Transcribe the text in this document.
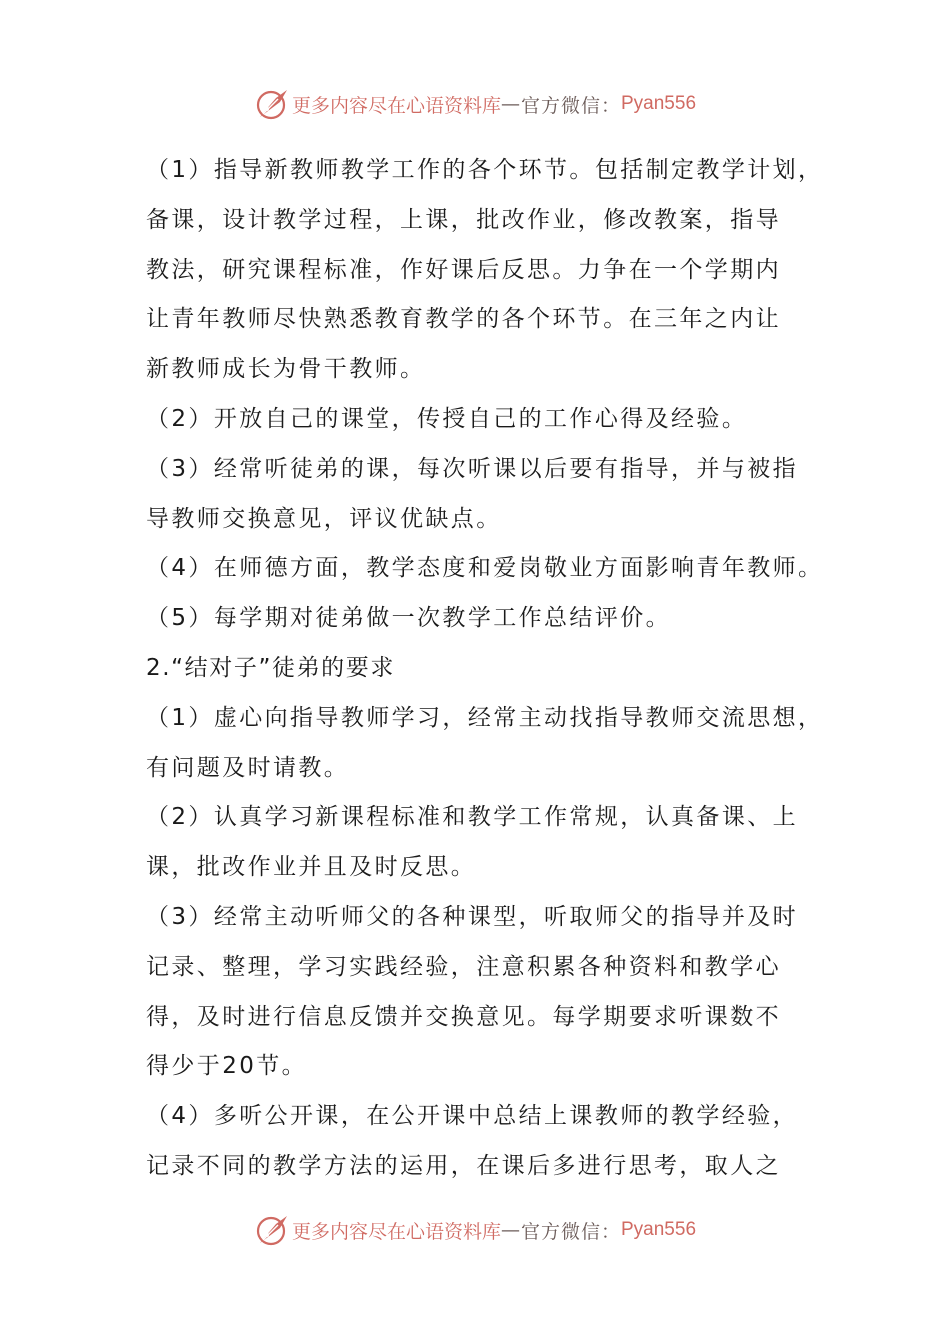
更多内容尽在心语资料库 — 官方微信： Pyan556
（1）指导新教师教学工作的各个环节。包括制定教学计划，
备课，设计教学过程，上课，批改作业，修改教案，指导
教法，研究课程标准，作好课后反思。力争在一个学期内
让青年教师尽快熟悉教育教学的各个环节。在三年之内让
新教师成长为骨干教师。
（2）开放自己的课堂，传授自己的工作心得及经验。
（3）经常听徒弟的课，每次听课以后要有指导，并与被指
导教师交换意见，评议优缺点。
（4）在师德方面，教学态度和爱岗敬业方面影响青年教师。
（5）每学期对徒弟做一次教学工作总结评价。
2.“结对子”徒弟的要求
（1）虚心向指导教师学习，经常主动找指导教师交流思想，
有问题及时请教。
（2）认真学习新课程标准和教学工作常规，认真备课、上
课，批改作业并且及时反思。
（3）经常主动听师父的各种课型，听取师父的指导并及时
记录、整理，学习实践经验，注意积累各种资料和教学心
得，及时进行信息反馈并交换意见。每学期要求听课数不
得少于20节。
（4）多听公开课，在公开课中总结上课教师的教学经验，
记录不同的教学方法的运用，在课后多进行思考，取人之
更多内容尽在心语资料库 — 官方微信： Pyan556
